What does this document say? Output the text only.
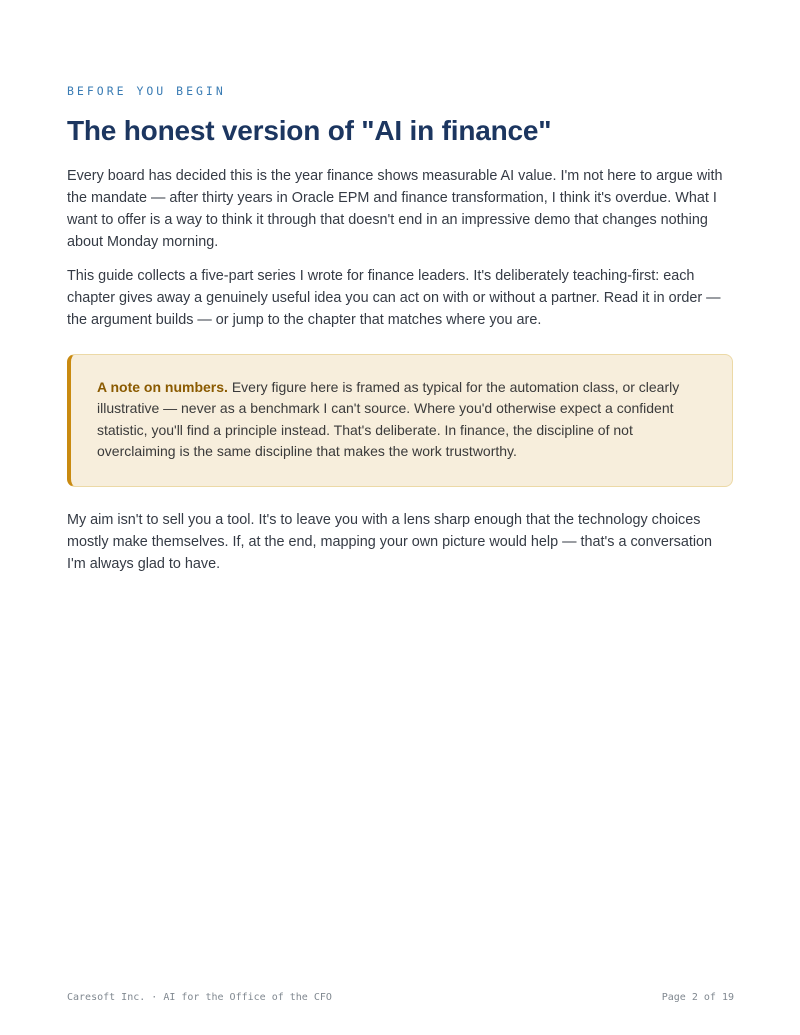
BEFORE YOU BEGIN

The honest version of "AI in finance"

Every board has decided this is the year finance shows measurable AI value. I'm not here to argue with the mandate — after thirty years in Oracle EPM and finance transformation, I think it's overdue. What I want to offer is a way to think it through that doesn't end in an impressive demo that changes nothing about Monday morning.

This guide collects a five-part series I wrote for finance leaders. It's deliberately teaching-first: each chapter gives away a genuinely useful idea you can act on with or without a partner. Read it in order — the argument builds — or jump to the chapter that matches where you are.

A note on numbers. Every figure here is framed as typical for the automation class, or clearly illustrative — never as a benchmark I can't source. Where you'd otherwise expect a confident statistic, you'll find a principle instead. That's deliberate. In finance, the discipline of not overclaiming is the same discipline that makes the work trustworthy.

My aim isn't to sell you a tool. It's to leave you with a lens sharp enough that the technology choices mostly make themselves. If, at the end, mapping your own picture would help — that's a conversation I'm always glad to have.

Caresoft Inc. · AI for the Office of the CFO	Page 2 of 19
